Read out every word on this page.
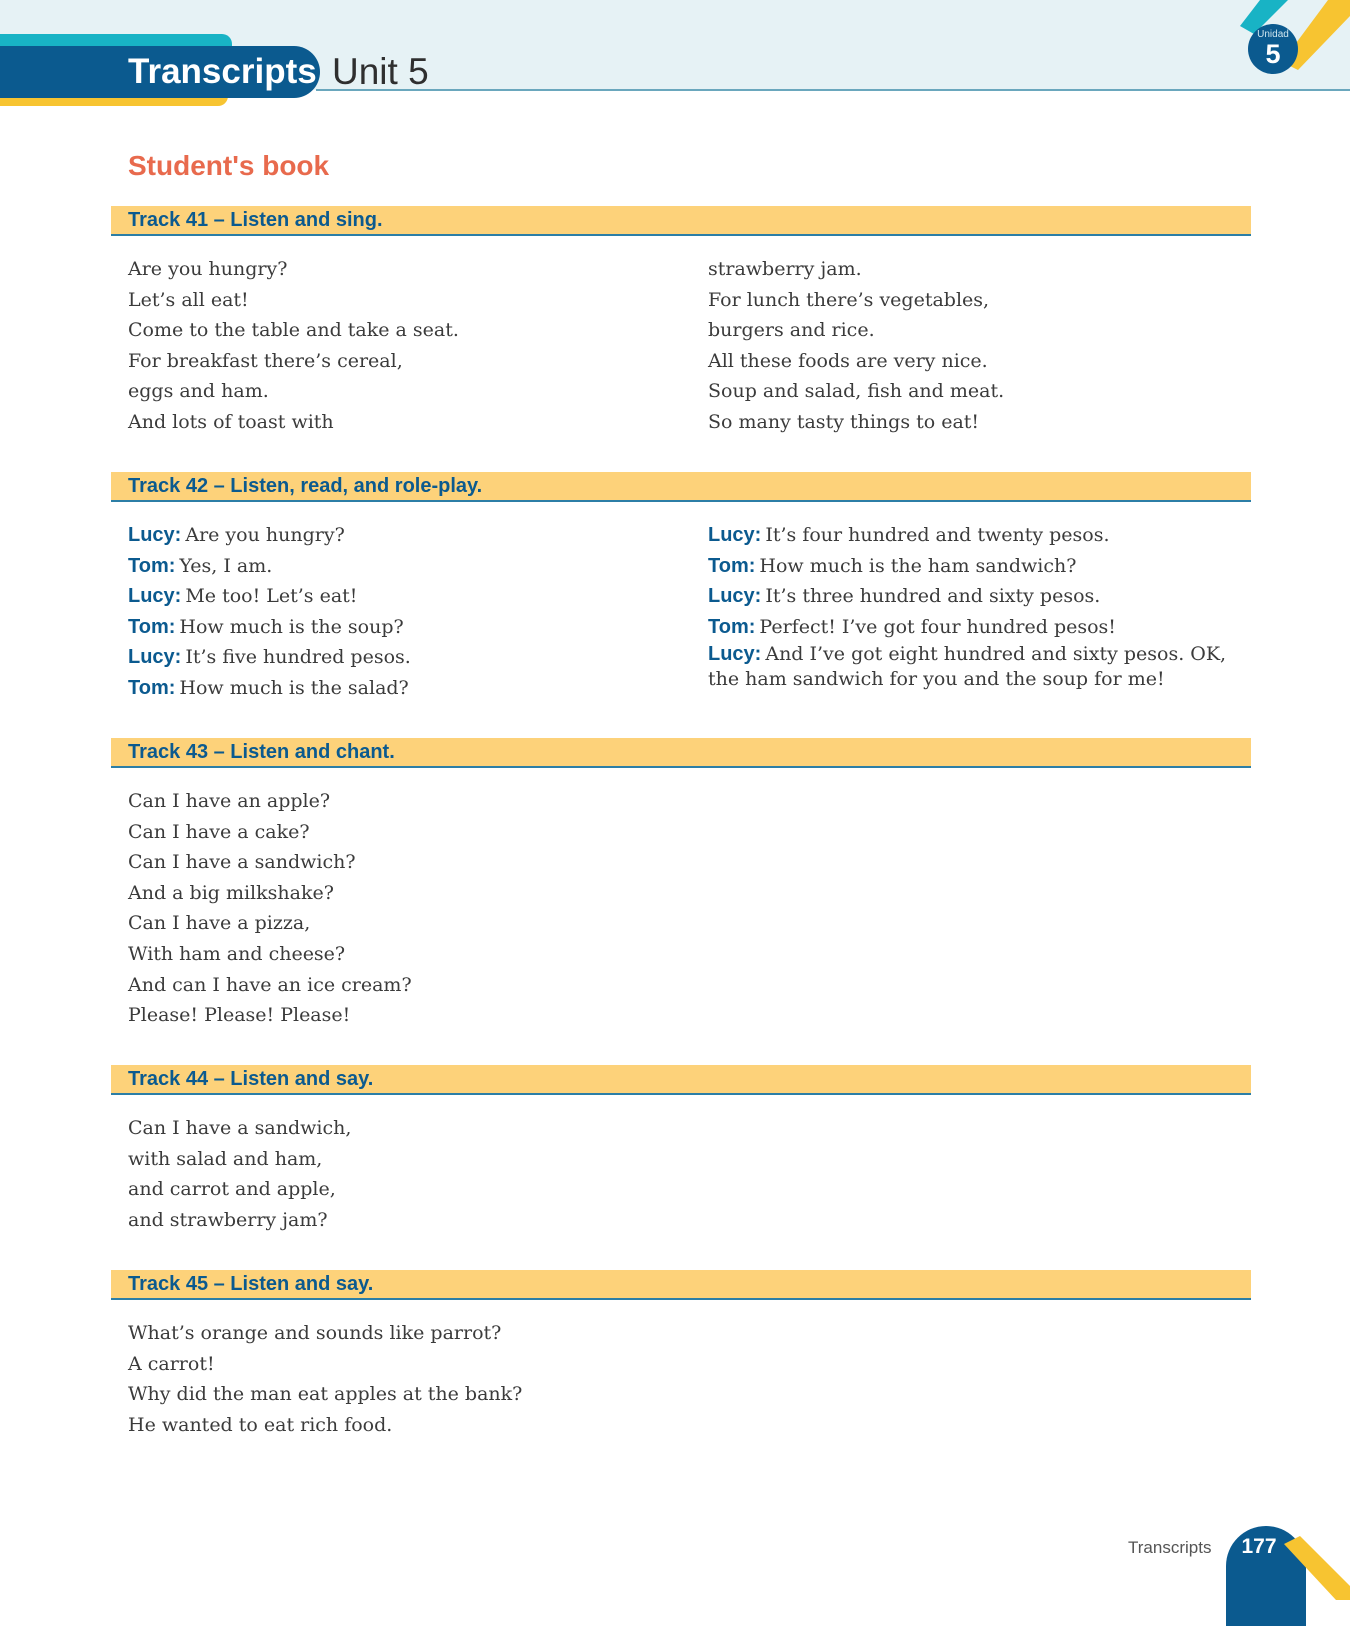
Transcripts Unit 5
Unidad
5
Student's book
Track 41 – Listen and sing.
Are you hungry?
Let’s all eat!
Come to the table and take a seat.
For breakfast there’s cereal,
eggs and ham.
And lots of toast with
strawberry jam.
For lunch there’s vegetables,
burgers and rice.
All these foods are very nice.
Soup and salad, fish and meat.
So many tasty things to eat!
Track 42 – Listen, read, and role-play.
Lucy: Are you hungry?
Tom: Yes, I am.
Lucy: Me too! Let’s eat!
Tom: How much is the soup?
Lucy: It’s five hundred pesos.
Tom: How much is the salad?
Lucy: It’s four hundred and twenty pesos.
Tom: How much is the ham sandwich?
Lucy: It’s three hundred and sixty pesos.
Tom: Perfect! I’ve got four hundred pesos!
Lucy: And I’ve got eight hundred and sixty pesos. OK, the ham sandwich for you and the soup for me!
Track 43 – Listen and chant.
Can I have an apple?
Can I have a cake?
Can I have a sandwich?
And a big milkshake?
Can I have a pizza,
With ham and cheese?
And can I have an ice cream?
Please! Please! Please!
Track 44 – Listen and say.
Can I have a sandwich,
with salad and ham,
and carrot and apple,
and strawberry jam?
Track 45 – Listen and say.
What’s orange and sounds like parrot?
A carrot!
Why did the man eat apples at the bank?
He wanted to eat rich food.
Transcripts	177
